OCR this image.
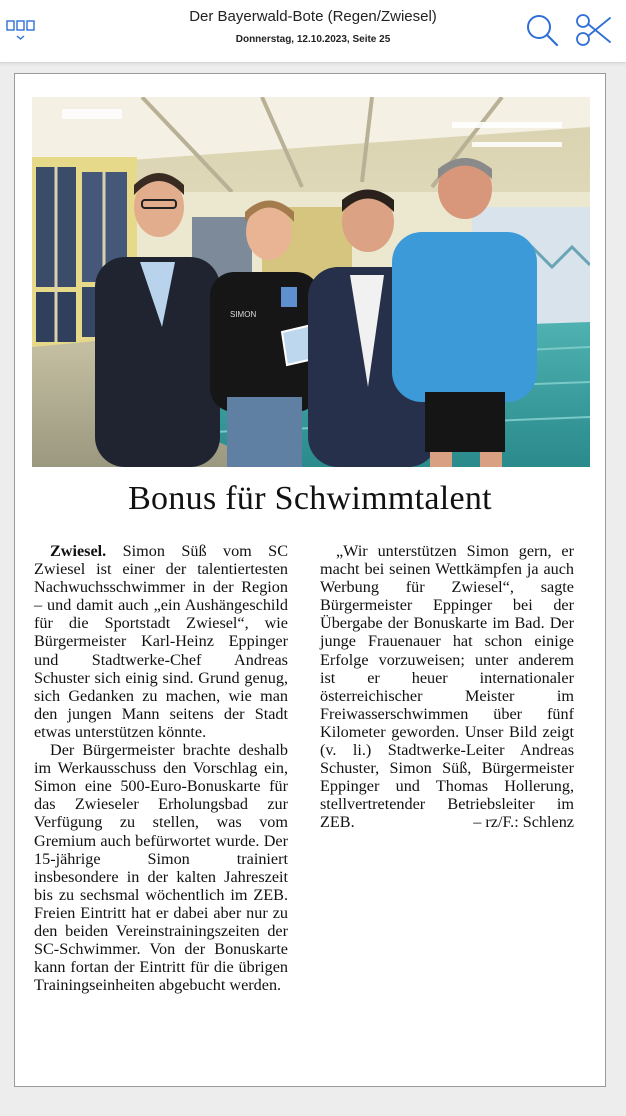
Der Bayerwald-Bote (Regen/Zwiesel)
Donnerstag, 12.10.2023, Seite 25
SIMON
Bonus für Schwimmtalent

Zwiesel. Simon Süß vom SC Zwiesel ist einer der talentiertesten Nachwuchsschwimmer in der Region – und damit auch „ein Aushängeschild für die Sportstadt Zwiesel“, wie Bürgermeister Karl-Heinz Eppinger und Stadtwerke-Chef Andreas Schuster sich einig sind. Grund genug, sich Gedanken zu machen, wie man den jungen Mann seitens der Stadt etwas unterstützen könnte.

Der Bürgermeister brachte deshalb im Werkausschuss den Vorschlag ein, Simon eine 500-Euro-Bonuskarte für das Zwieseler Erholungsbad zur Verfügung zu stellen, was vom Gremium auch befürwortet wurde. Der 15-jährige Simon trainiert insbesondere in der kalten Jahreszeit bis zu sechsmal wöchentlich im ZEB. Freien Eintritt hat er dabei aber nur zu den beiden Vereinstrainingszeiten der SC-Schwimmer. Von der Bonuskarte kann fortan der Eintritt für die übrigen Trainingseinheiten abgebucht werden.

„Wir unterstützen Simon gern, er macht bei seinen Wettkämpfen ja auch Werbung für Zwiesel“, sagte Bürgermeister Eppinger bei der Übergabe der Bonuskarte im Bad. Der junge Frauenauer hat schon einige Erfolge vorzuweisen; unter anderem ist er heuer internationaler österreichischer Meister im Freiwasserschwimmen über fünf Kilometer geworden. Unser Bild zeigt (v. li.) Stadtwerke-Leiter Andreas Schuster, Simon Süß, Bürgermeister Eppinger und Thomas Hollerung, stellvertretender Betriebsleiter im ZEB.	– rz/F.: Schlenz
